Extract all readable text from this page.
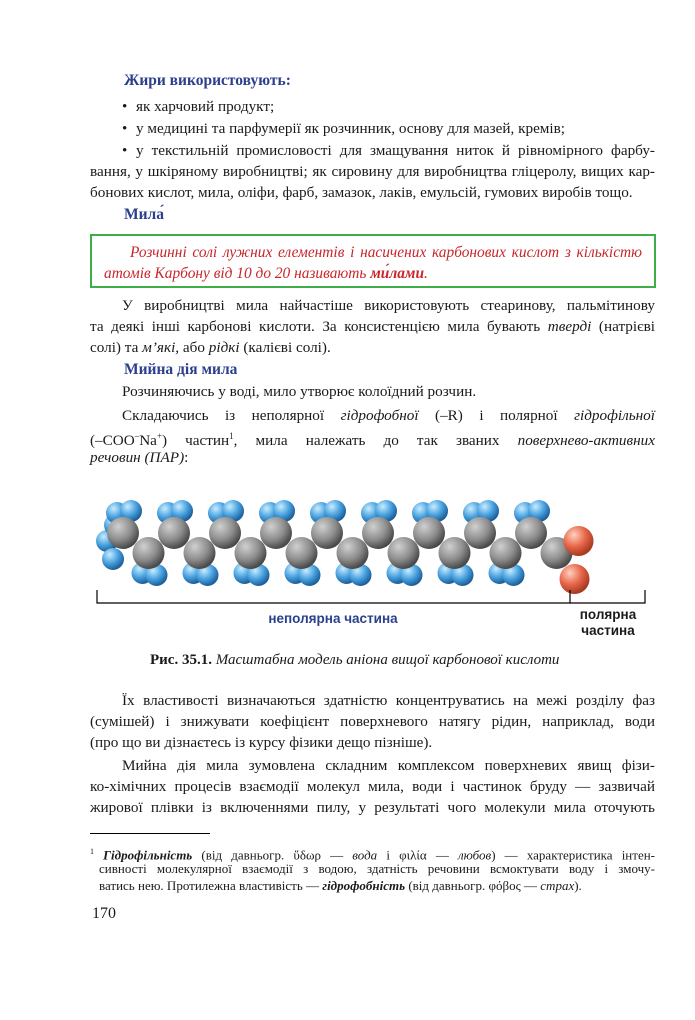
Жири використовують:
• як харчовий продукт;
• у медицині та парфумерії як розчинник, основу для мазей, кремів;
• у текстильній промисловості для змащування ниток й рівномірного фарбу-
вання, у шкіряному виробництві; як сировину для виробництва гліцеролу, вищих кар-
бонових кислот, мила, оліфи, фарб, замазок, лаків, емульсій, гумових виробів тощо.
Мила́
Розчинні солі лужних елементів і насичених карбонових кислот з кількістю
атомів Карбону від 10 до 20 називають ми́лами.
У виробництві мила найчастіше використовують стеаринову, пальмітинову
та деякі інші карбонові кислоти. За консистенцією мила бувають тверді (натрієві
солі) та м’які, або рідкі (калієві солі).
Мийна дія мила
Розчиняючись у воді, мило утворює колоїдний розчин.
Складаючись із неполярної гідрофобної (–R) і полярної гідрофільної
(–COO–Na+) частин$^1$, мила належать до так званих поверхнево-активних
речовин (ПАР):
неполярна частина	полярна
частина
Рис. 35.1. Масштабна модель аніона вищої карбонової кислоти
Їх властивості визначаються здатністю концентруватись на межі розділу фаз
(сумішей) і знижувати коефіцієнт поверхневого натягу рідин, наприклад, води
(про що ви дізнаєтесь із курсу фізики дещо пізніше).
Мийна дія мила зумовлена складним комплексом поверхневих явищ фізи-
ко-хімічних процесів взаємодії молекул мила, води і частинок бруду — зазвичай
жирової плівки із включеннями пилу, у результаті чого молекули мила оточують
$^1$ Гідрофільність (від давньогр. ὕδωρ — вода і φιλία — любов) — характеристика інтен-
сивності молекулярної взаємодії з водою, здатність речовини всмоктувати воду і змочу-
ватись нею. Протилежна властивість — гідрофобність (від давньогр. φόβος — страх).
170
